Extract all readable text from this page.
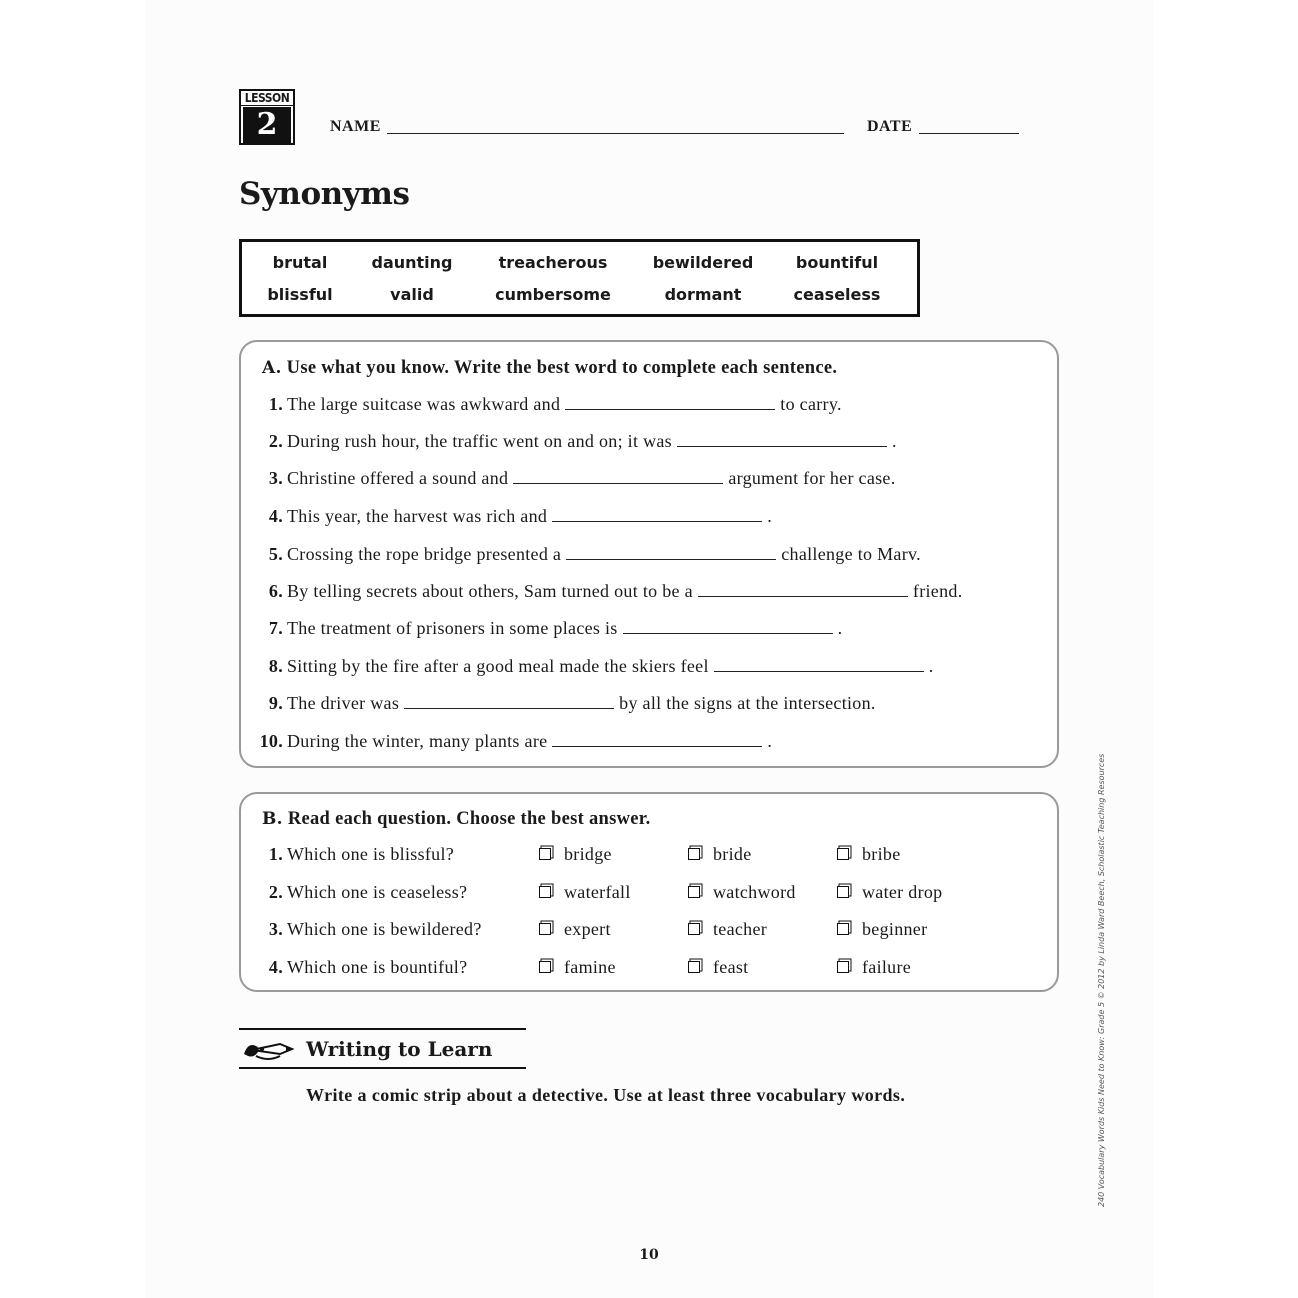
LESSON
2	NAME	DATE
Synonyms
brutal	daunting	treacherous	bewildered	bountiful
blissful	valid	cumbersome	dormant	ceaseless
A. Use what you know. Write the best word to complete each sentence.
1. The large suitcase was awkward and	to carry.
2. During rush hour, the traffic went on and on; it was	.
3. Christine offered a sound and	argument for her case.
4. This year, the harvest was rich and	.
5. Crossing the rope bridge presented a	challenge to Marv.
6. By telling secrets about others, Sam turned out to be a	friend.
7. The treatment of prisoners in some places is	.
8. Sitting by the fire after a good meal made the skiers feel	.
9. The driver was	by all the signs at the intersection.
10. During the winter, many plants are	.
B. Read each question. Choose the best answer.
1. Which one is blissful?	bridge	bride	bribe
2. Which one is ceaseless?	waterfall	watchword	water drop
3. Which one is bewildered?	expert	teacher	beginner
4. Which one is bountiful?	famine	feast	failure
Writing to Learn
Write a comic strip about a detective. Use at least three vocabulary words.	240 Vocabulary Words Kids Need to Know: Grade 5 © 2012 by Linda Ward Beech, Scholastic Teaching Resources
10
